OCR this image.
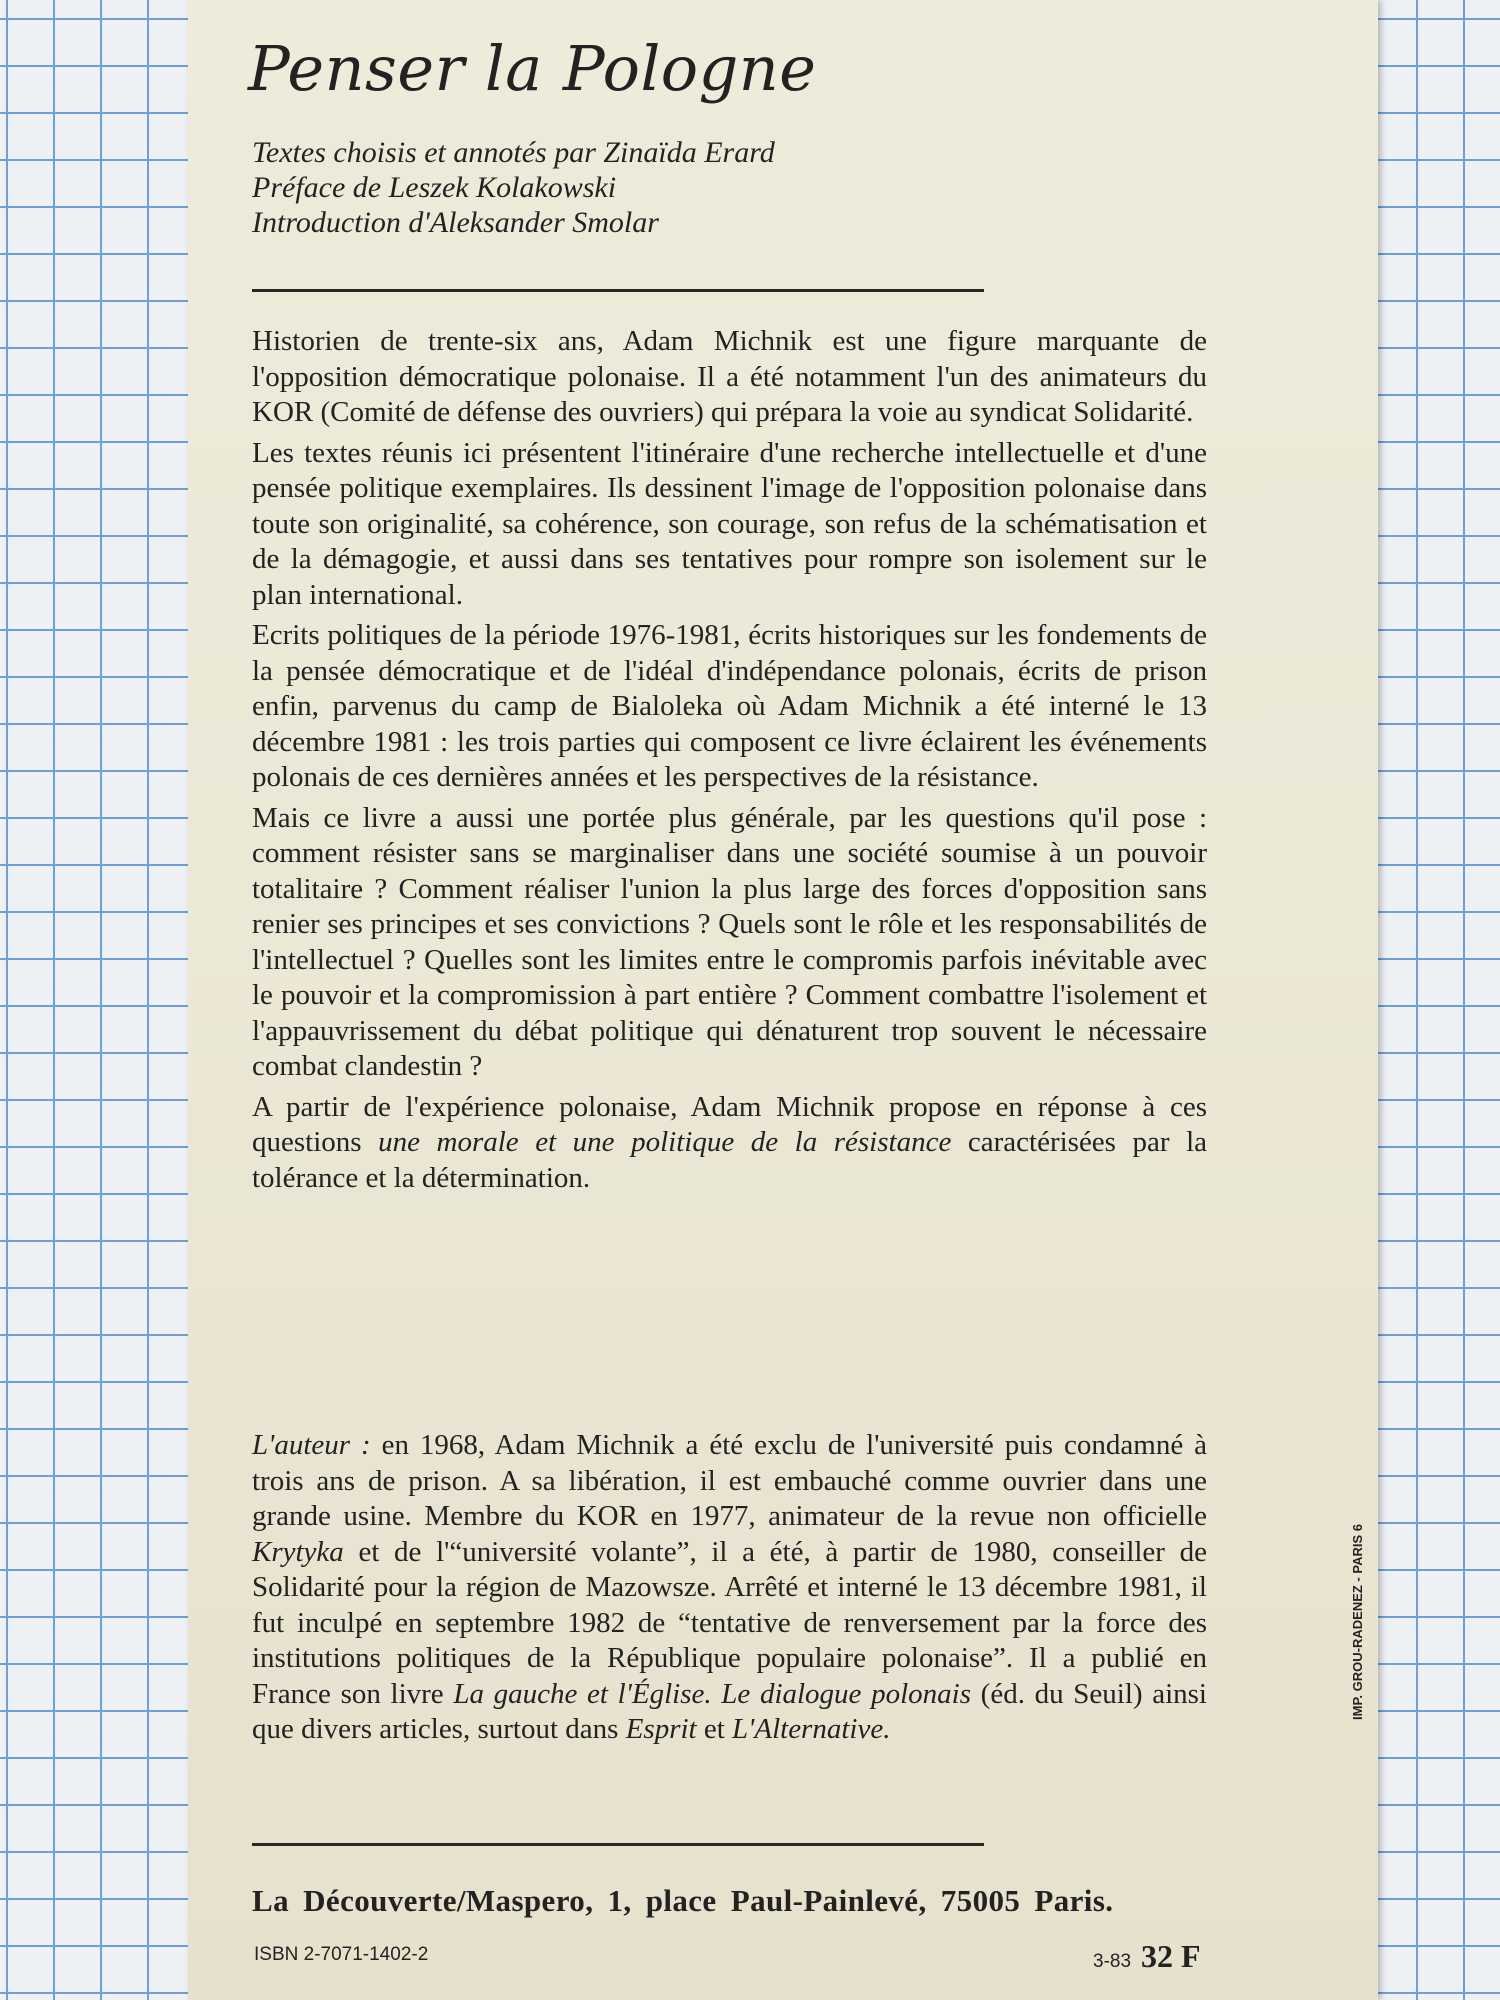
Penser la Pologne
Textes choisis et annotés par Zinaïda Erard
Préface de Leszek Kolakowski
Introduction d'Aleksander Smolar

Historien de trente-six ans, Adam Michnik est une figure marquante de l'opposition démocratique polonaise. Il a été notamment l'un des animateurs du KOR (Comité de défense des ouvriers) qui prépara la voie au syndicat Solidarité.

Les textes réunis ici présentent l'itinéraire d'une recherche intellectuelle et d'une pensée politique exemplaires. Ils dessinent l'image de l'opposition polonaise dans toute son originalité, sa cohérence, son courage, son refus de la schématisation et de la démagogie, et aussi dans ses tentatives pour rompre son isolement sur le plan international.

Ecrits politiques de la période 1976-1981, écrits historiques sur les fondements de la pensée démocratique et de l'idéal d'indépendance polonais, écrits de prison enfin, parvenus du camp de Bialoleka où Adam Michnik a été interné le 13 décembre 1981 : les trois parties qui composent ce livre éclairent les événements polonais de ces dernières années et les perspectives de la résistance.

Mais ce livre a aussi une portée plus générale, par les questions qu'il pose : comment résister sans se marginaliser dans une société soumise à un pouvoir totalitaire ? Comment réaliser l'union la plus large des forces d'opposition sans renier ses principes et ses convictions ? Quels sont le rôle et les responsabilités de l'intellectuel ? Quelles sont les limites entre le compromis parfois inévitable avec le pouvoir et la compromission à part entière ? Comment combattre l'isolement et l'appauvrissement du débat politique qui dénaturent trop souvent le nécessaire combat clandestin ?

A partir de l'expérience polonaise, Adam Michnik propose en réponse à ces questions une morale et une politique de la résistance caractérisées par la tolérance et la détermination.

L'auteur : en 1968, Adam Michnik a été exclu de l'université puis condamné à trois ans de prison. A sa libération, il est embauché comme ouvrier dans une grande usine. Membre du KOR en 1977, animateur de la revue non officielle Krytyka et de l'“université volante”, il a été, à partir de 1980, conseiller de Solidarité pour la région de Mazowsze. Arrêté et interné le 13 décembre 1981, il fut inculpé en septembre 1982 de “tentative de renversement par la force des institutions politiques de la République populaire polonaise”. Il a publié en France son livre La gauche et l'Église. Le dialogue polonais (éd. du Seuil) ainsi que divers articles, surtout dans Esprit et L'Alternative.

La Découverte/Maspero, 1, place Paul-Painlevé, 75005 Paris.
ISBN 2-7071-1402-2	3-83 32 F
IMP. GROU-RADENEZ - PARIS 6
